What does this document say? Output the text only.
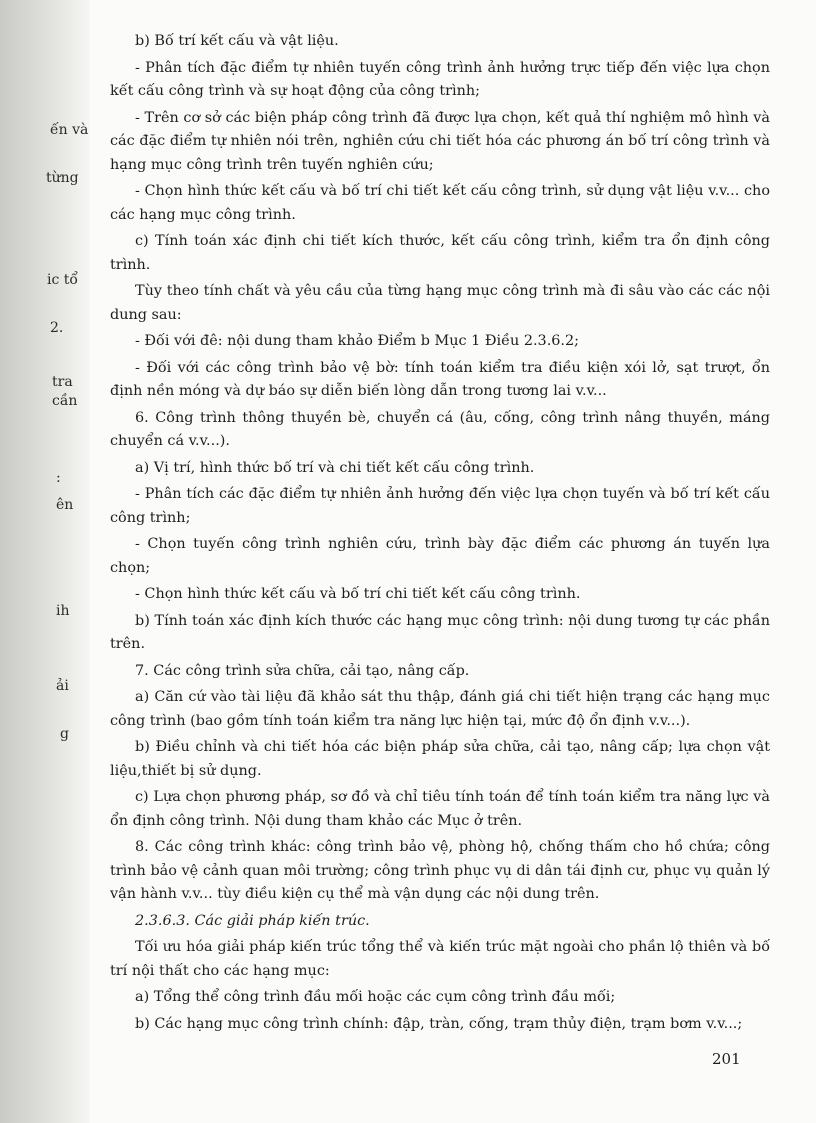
ến và
từng
ic tổ
2.
tra
cần
:
ên
ih
ải
g

b) Bố trí kết cấu và vật liệu.

- Phân tích đặc điểm tự nhiên tuyến công trình ảnh hưởng trực tiếp đến việc lựa chọn kết cấu công trình và sự hoạt động của công trình;

- Trên cơ sở các biện pháp công trình đã được lựa chọn, kết quả thí nghiệm mô hình và các đặc điểm tự nhiên nói trên, nghiên cứu chi tiết hóa các phương án bố trí công trình và hạng mục công trình trên tuyến nghiên cứu;

- Chọn hình thức kết cấu và bố trí chi tiết kết cấu công trình, sử dụng vật liệu v.v... cho các hạng mục công trình.

c) Tính toán xác định chi tiết kích thước, kết cấu công trình, kiểm tra ổn định công trình.

Tùy theo tính chất và yêu cầu của từng hạng mục công trình mà đi sâu vào các các nội dung sau:

- Đối với đê: nội dung tham khảo Điểm b Mục 1 Điều 2.3.6.2;

- Đối với các công trình bảo vệ bờ: tính toán kiểm tra điều kiện xói lở, sạt trượt, ổn định nền móng và dự báo sự diễn biến lòng dẫn trong tương lai v.v...

6. Công trình thông thuyền bè, chuyển cá (âu, cống, công trình nâng thuyền, máng chuyển cá v.v...).

a) Vị trí, hình thức bố trí và chi tiết kết cấu công trình.

- Phân tích các đặc điểm tự nhiên ảnh hưởng đến việc lựa chọn tuyến và bố trí kết cấu công trình;

- Chọn tuyến công trình nghiên cứu, trình bày đặc điểm các phương án tuyến lựa chọn;

- Chọn hình thức kết cấu và bố trí chi tiết kết cấu công trình.

b) Tính toán xác định kích thước các hạng mục công trình: nội dung tương tự các phần trên.

7. Các công trình sửa chữa, cải tạo, nâng cấp.

a) Căn cứ vào tài liệu đã khảo sát thu thập, đánh giá chi tiết hiện trạng các hạng mục công trình (bao gồm tính toán kiểm tra năng lực hiện tại, mức độ ổn định v.v...).

b) Điều chỉnh và chi tiết hóa các biện pháp sửa chữa, cải tạo, nâng cấp; lựa chọn vật liệu,thiết bị sử dụng.

c) Lựa chọn phương pháp, sơ đồ và chỉ tiêu tính toán để tính toán kiểm tra năng lực và ổn định công trình. Nội dung tham khảo các Mục ở trên.

8. Các công trình khác: công trình bảo vệ, phòng hộ, chống thấm cho hồ chứa; công trình bảo vệ cảnh quan môi trường; công trình phục vụ di dân tái định cư, phục vụ quản lý vận hành v.v... tùy điều kiện cụ thể mà vận dụng các nội dung trên.

2.3.6.3. Các giải pháp kiến trúc.

Tối ưu hóa giải pháp kiến trúc tổng thể và kiến trúc mặt ngoài cho phần lộ thiên và bố trí nội thất cho các hạng mục:

a) Tổng thể công trình đầu mối hoặc các cụm công trình đầu mối;

b) Các hạng mục công trình chính: đập, tràn, cống, trạm thủy điện, trạm bơm v.v...;

201
